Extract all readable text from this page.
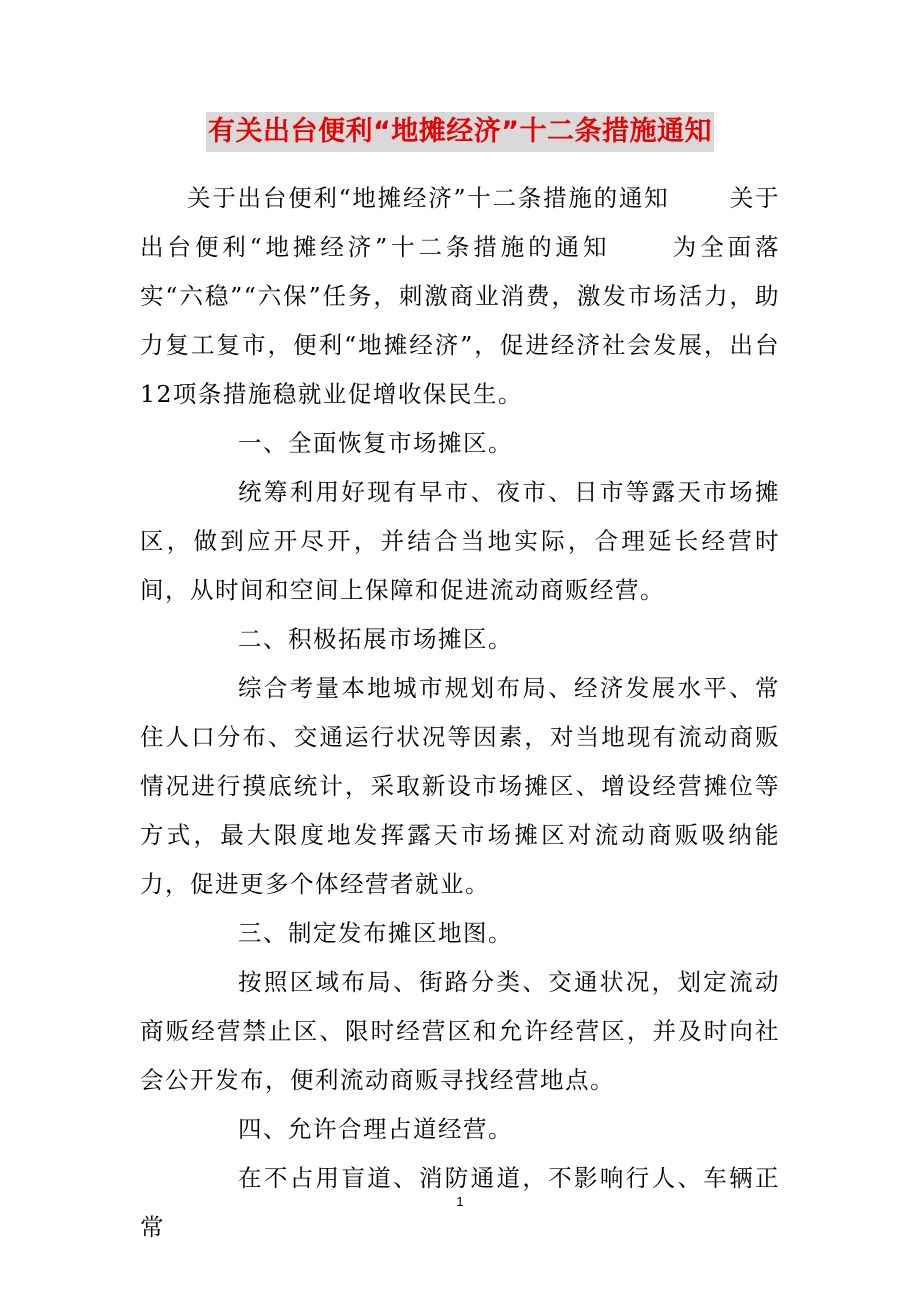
有关出台便利“地摊经济”十二条措施通知

关于出台便利“地摊经济”十二条措施的通知	关于出台便利“地摊经济”十二条措施的通知	为全面落实“六稳”“六保”任务，刺激商业消费，激发市场活力，助力复工复市，便利“地摊经济”，促进经济社会发展，出台12项条措施稳就业促增收保民生。

一、全面恢复市场摊区。

统筹利用好现有早市、夜市、日市等露天市场摊区，做到应开尽开，并结合当地实际，合理延长经营时间，从时间和空间上保障和促进流动商贩经营。

二、积极拓展市场摊区。

综合考量本地城市规划布局、经济发展水平、常住人口分布、交通运行状况等因素，对当地现有流动商贩情况进行摸底统计，采取新设市场摊区、增设经营摊位等方式，最大限度地发挥露天市场摊区对流动商贩吸纳能力，促进更多个体经营者就业。

三、制定发布摊区地图。

按照区域布局、街路分类、交通状况，划定流动商贩经营禁止区、限时经营区和允许经营区，并及时向社会公开发布，便利流动商贩寻找经营地点。

四、允许合理占道经营。

在不占用盲道、消防通道，不影响行人、车辆正常

1
